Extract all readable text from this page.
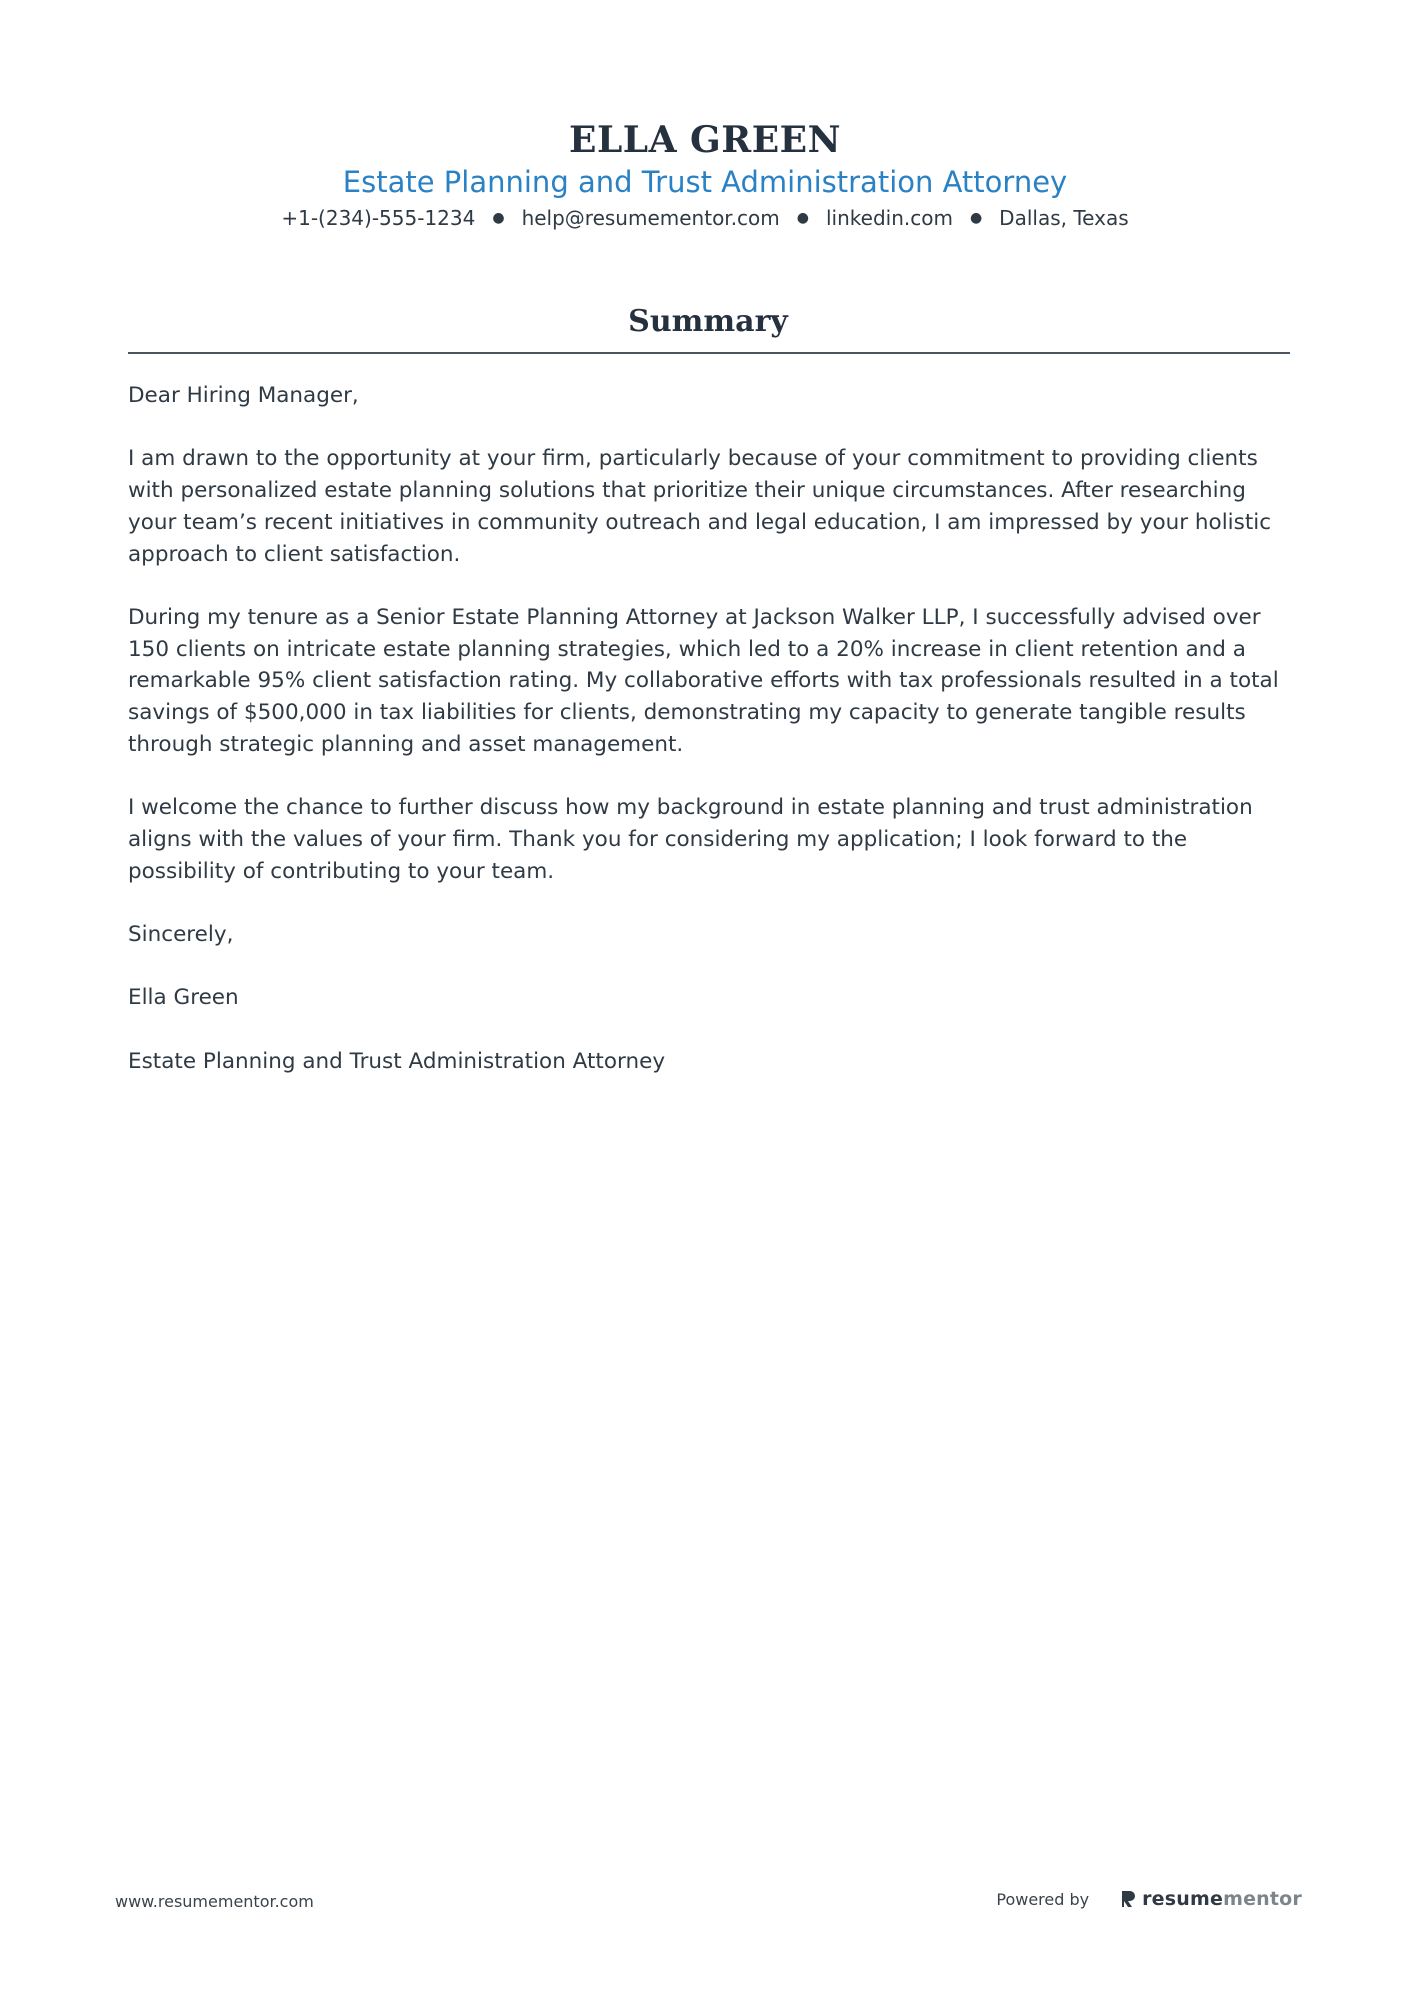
ELLA GREEN
Estate Planning and Trust Administration Attorney
+1-(234)-555-1234 ● help@resumementor.com ● linkedin.com ● Dallas, Texas
Summary

Dear Hiring Manager,

I am drawn to the opportunity at your firm, particularly because of your commitment to providing clients with personalized estate planning solutions that prioritize their unique circumstances. After researching your team’s recent initiatives in community outreach and legal education, I am impressed by your holistic approach to client satisfaction.

During my tenure as a Senior Estate Planning Attorney at Jackson Walker LLP, I successfully advised over 150 clients on intricate estate planning strategies, which led to a 20% increase in client retention and a remarkable 95% client satisfaction rating. My collaborative efforts with tax professionals resulted in a total savings of $500,000 in tax liabilities for clients, demonstrating my capacity to generate tangible results through strategic planning and asset management.

I welcome the chance to further discuss how my background in estate planning and trust administration aligns with the values of your firm. Thank you for considering my application; I look forward to the possibility of contributing to your team.

Sincerely,

Ella Green

Estate Planning and Trust Administration Attorney

www.resumementor.com	Powered by	resume mentor
